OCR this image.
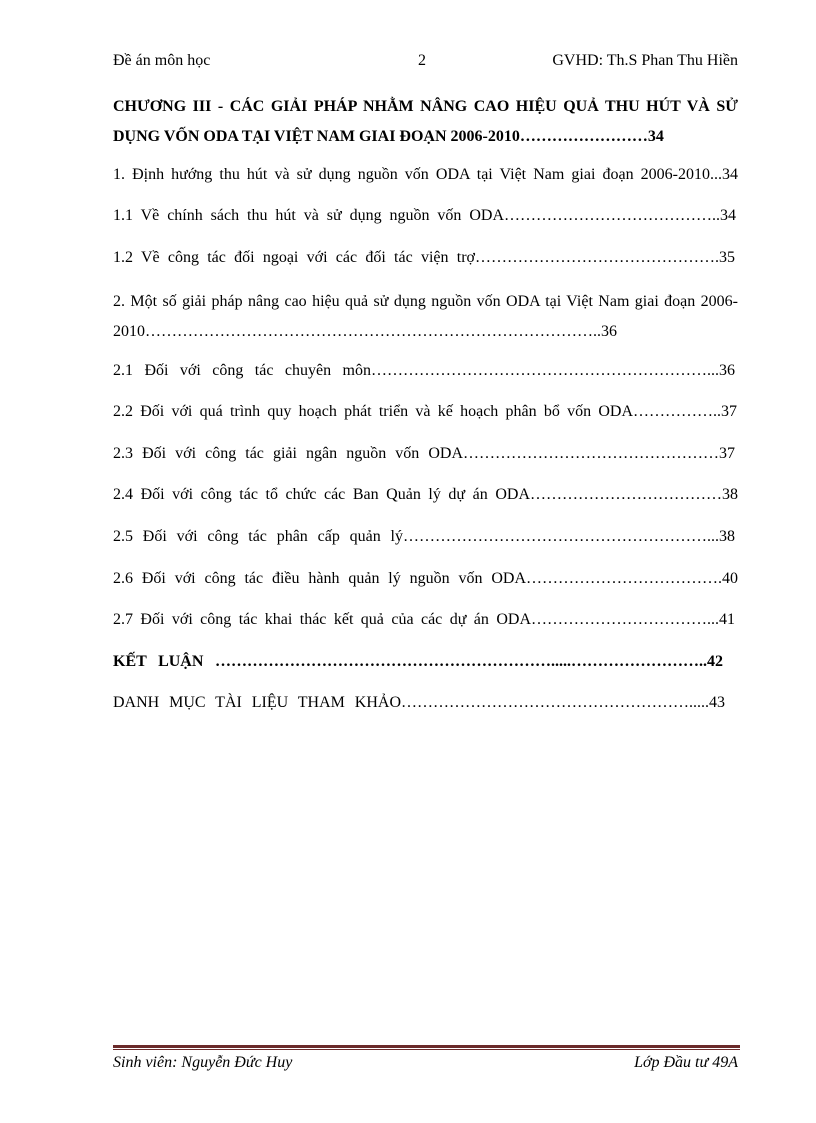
Đề án môn học	2	GVHD: Th.S Phan Thu Hiền
CHƯƠNG III - CÁC GIẢI PHÁP NHẰM NÂNG CAO HIỆU QUẢ THU HÚT VÀ SỬ DỤNG VỐN ODA TẠI VIỆT NAM GIAI ĐOẠN 2006-2010……………………34
1. Định hướng thu hút và sử dụng nguồn vốn ODA tại Việt Nam giai đoạn 2006-2010...34
1.1 Về chính sách thu hút và sử dụng nguồn vốn ODA…………………………………..34
1.2 Về công tác đối ngoại với các đối tác viện trợ……………………………………….35
2. Một số giải pháp nâng cao hiệu quả sử dụng nguồn vốn ODA tại Việt Nam giai đoạn 2006-2010…………………………………………………………………………..36
2.1 Đối với công tác chuyên môn………………………………………………………...36
2.2 Đối với quá trình quy hoạch phát triển và kế hoạch phân bổ vốn ODA……………..37
2.3 Đối với công tác giải ngân nguồn vốn ODA…………………………………………37
2.4 Đối với công tác tổ chức các Ban Quản lý dự án ODA………………………………38
2.5 Đối với công tác phân cấp quản lý…………………………………………………...38
2.6 Đối với công tác điều hành quản lý nguồn vốn ODA……………………………….40
2.7 Đối với công tác khai thác kết quả của các dự án ODA……………………………...41
KẾT LUẬN ……………………………………………………….....……………………..42
DANH MỤC TÀI LIỆU THAM KHẢO……………………………………………….....43
Sinh viên: Nguyễn Đức Huy	Lớp Đầu tư 49A
